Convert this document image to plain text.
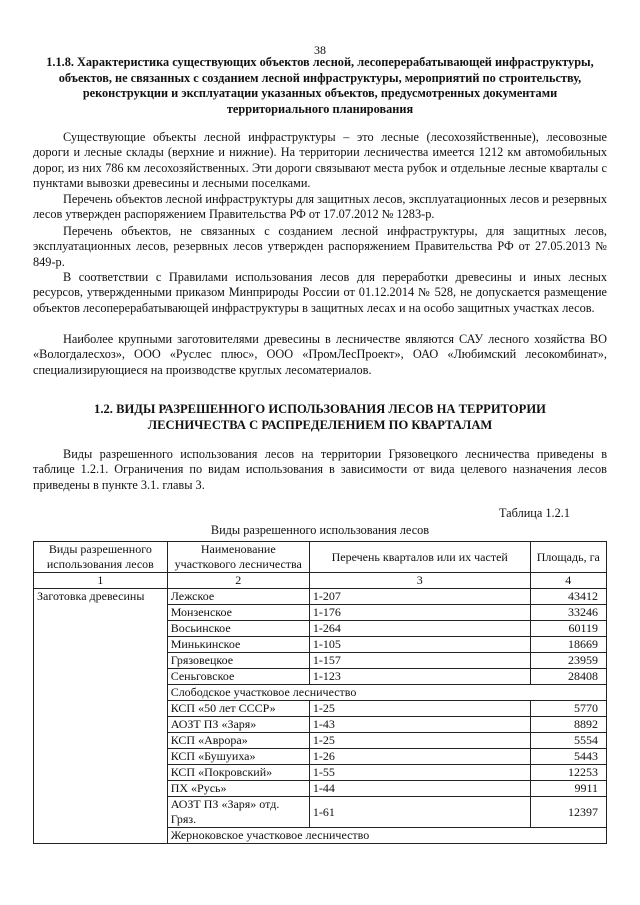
38
1.1.8. Характеристика существующих объектов лесной, лесоперерабатывающей инфраструктуры, объектов, не связанных с созданием лесной инфраструктуры, мероприятий по строительству, реконструкции и эксплуатации указанных объектов, предусмотренных документами территориального планирования
Существующие объекты лесной инфраструктуры – это лесные (лесохозяйственные), лесовозные дороги и лесные склады (верхние и нижние). На территории лесничества имеется 1212 км автомобильных дорог, из них 786 км лесохозяйственных. Эти дороги связывают места рубок и отдельные лесные кварталы с пунктами вывозки древесины и лесными поселками.
Перечень объектов лесной инфраструктуры для защитных лесов, эксплуатационных лесов и резервных лесов утвержден распоряжением Правительства РФ от 17.07.2012 № 1283-р.
Перечень объектов, не связанных с созданием лесной инфраструктуры, для защитных лесов, эксплуатационных лесов, резервных лесов утвержден распоряжением Правительства РФ от 27.05.2013 № 849-р.
В соответствии с Правилами использования лесов для переработки древесины и иных лесных ресурсов, утвержденными приказом Минприроды России от 01.12.2014 № 528, не допускается размещение объектов лесоперерабатывающей инфраструктуры в защитных лесах и на особо защитных участках лесов.
Наиболее крупными заготовителями древесины в лесничестве являются САУ лесного хозяйства ВО «Вологдалесхоз», ООО «Руслес плюс», ООО «ПромЛесПроект», ОАО «Любимский лесокомбинат», специализирующиеся на производстве круглых лесоматериалов.
1.2. ВИДЫ РАЗРЕШЕННОГО ИСПОЛЬЗОВАНИЯ ЛЕСОВ НА ТЕРРИТОРИИ ЛЕСНИЧЕСТВА С РАСПРЕДЕЛЕНИЕМ ПО КВАРТАЛАМ
Виды разрешенного использования лесов на территории Грязовецкого лесничества приведены в таблице 1.2.1. Ограничения по видам использования в зависимости от вида целевого назначения лесов приведены в пункте 3.1. главы 3.
Таблица 1.2.1
Виды разрешенного использования лесов
Виды разрешенного использования лесов	Наименование участкового лесничества	Перечень кварталов или их частей	Площадь, га
1	2	3	4
Заготовка древесины	Лежское	1-207	43412
	Монзенское	1-176	33246
	Восьинское	1-264	60119
	Минькинское	1-105	18669
	Грязовецкое	1-157	23959
	Сеньговское	1-123	28408
	Слободское участковое лесничество		
	КСП «50 лет СССР»	1-25	5770
	АОЗТ ПЗ «Заря»	1-43	8892
	КСП «Аврора»	1-25	5554
	КСП «Бушуиха»	1-26	5443
	КСП «Покровский»	1-55	12253
	ПХ «Русь»	1-44	9911
	АОЗТ ПЗ «Заря» отд. Гряз.	1-61	12397
	Жерноковское участковое лесничество		
